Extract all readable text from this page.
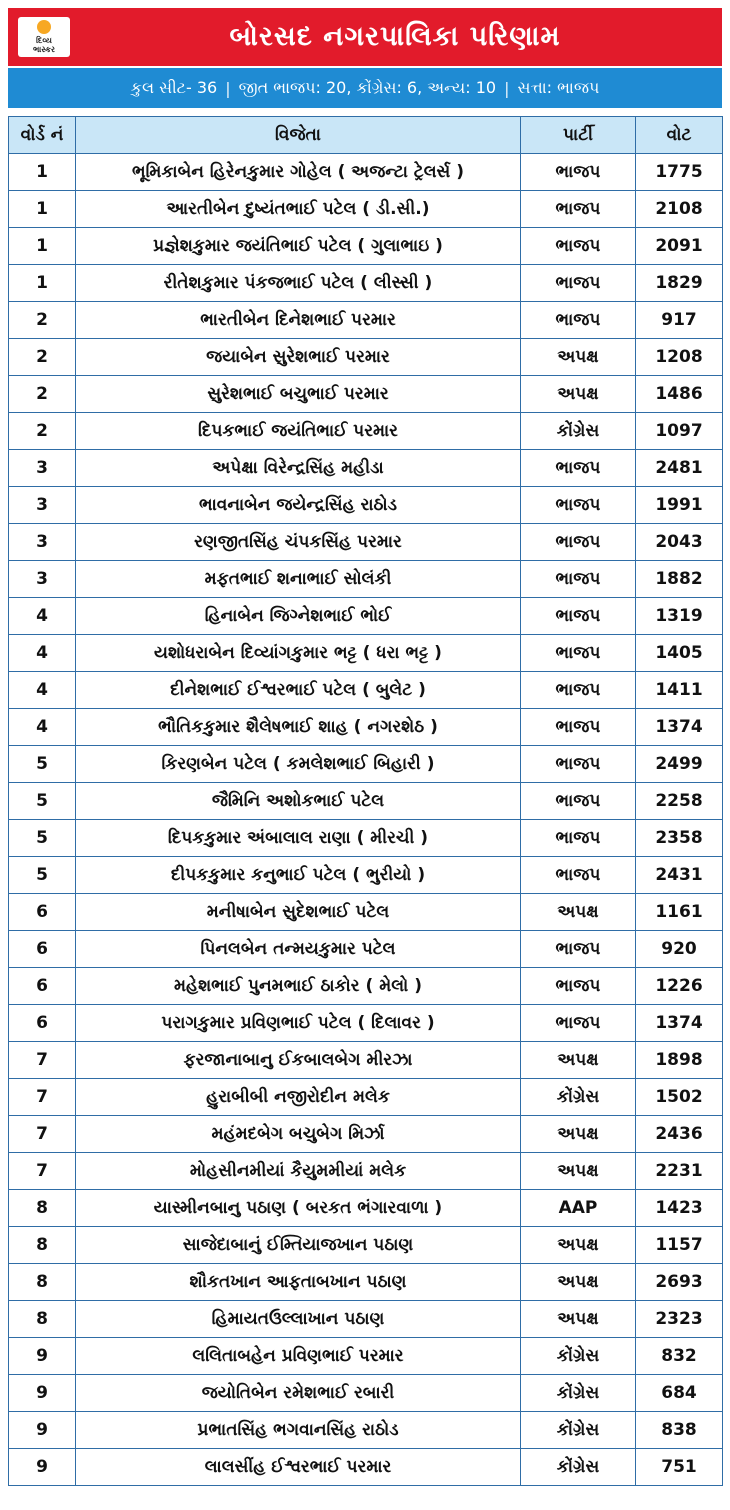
દિવ્ય
ભાસ્કર	બોરસદ નગરપાલિકા પરિણામ
કુલ સીટ- 36 | જીત ભાજપ: 20, કોંગ્રેસ: 6, અન્ય: 10 | સત્તા: ભાજપ
વોર્ડ નં	વિજેતા	પાર્ટી	વોટ
1	ભૂમિકાબેન હિરેનકુમાર ગોહેલ ( અજન્ટા ટ્રેલર્સ )	ભાજપ	1775
1	આરતીબેન દુષ્યંતભાઈ પટેલ ( ડી.સી.)	ભાજપ	2108
1	પ્રજ્ઞેશકુમાર જયંતિભાઈ પટેલ ( ગુલાભાઇ )	ભાજપ	2091
1	રીતેશકુમાર પંકજભાઈ પટેલ ( લીસ્સી )	ભાજપ	1829
2	ભારતીબેન દિનેશભાઈ પરમાર	ભાજપ	917
2	જયાબેન સુરેશભાઈ પરમાર	અપક્ષ	1208
2	સુરેશભાઈ બચુભાઈ પરમાર	અપક્ષ	1486
2	દિપકભાઈ જયંતિભાઈ પરમાર	કોંગ્રેસ	1097
3	અપેક્ષા વિરેન્દ્રસિંહ મહીડા	ભાજપ	2481
3	ભાવનાબેન જયેન્દ્રસિંહ રાઠોડ	ભાજપ	1991
3	રણજીતસિંહ ચંપકસિંહ પરમાર	ભાજપ	2043
3	મફતભાઈ શનાભાઈ સોલંકી	ભાજપ	1882
4	હિનાબેન જિગ્નેશભાઈ ભોઈ	ભાજપ	1319
4	યશોધરાબેન દિવ્યાંગકુમાર ભટ્ટ ( ધરા ભટ્ટ )	ભાજપ	1405
4	દીનેશભાઈ ઈશ્વરભાઈ પટેલ ( બુલેટ )	ભાજપ	1411
4	ભૌતિકકુમાર શૈલેષભાઈ શાહ ( નગરશેઠ )	ભાજપ	1374
5	કિરણબેન પટેલ ( કમલેશભાઈ બિહારી )	ભાજપ	2499
5	જૈમિનિ અશોકભાઈ પટેલ	ભાજપ	2258
5	દિપકકુમાર અંબાલાલ રાણા ( મીરચી )	ભાજપ	2358
5	દીપકકુમાર કનુભાઈ પટેલ ( ભુરીયો )	ભાજપ	2431
6	મનીષાબેન સુદેશભાઈ પટેલ	અપક્ષ	1161
6	પિનલબેન તન્મયકુમાર પટેલ	ભાજપ	920
6	મહેશભાઈ પુનમભાઈ ઠાકોર ( મેલો )	ભાજપ	1226
6	પરાગકુમાર પ્રવિણભાઈ પટેલ ( દિલાવર )	ભાજપ	1374
7	ફરજાનાબાનુ ઈકબાલબેગ મીરઝા	અપક્ષ	1898
7	હુરાબીબી નજીરોદીન મલેક	કોંગ્રેસ	1502
7	મહંમદબેગ બચુબેગ મિર્ઝા	અપક્ષ	2436
7	મોહસીનમીયાં કૈયુમમીયાં મલેક	અપક્ષ	2231
8	યાસ્મીનબાનુ પઠાણ ( બરકત ભંગારવાળા )	AAP	1423
8	સાજેદાબાનું ઈમ્તિયાજખાન પઠાણ	અપક્ષ	1157
8	શૌકતખાન આફતાબખાન પઠાણ	અપક્ષ	2693
8	હિમાયતઉલ્લાખાન પઠાણ	અપક્ષ	2323
9	લલિતાબહેન પ્રવિણભાઈ પરમાર	કોંગ્રેસ	832
9	જયોતિબેન રમેશભાઈ રબારી	કોંગ્રેસ	684
9	પ્રભાતસિંહ ભગવાનસિંહ રાઠોડ	કોંગ્રેસ	838
9	લાલસીંહ ઈશ્વરભાઈ પરમાર	કોંગ્રેસ	751
